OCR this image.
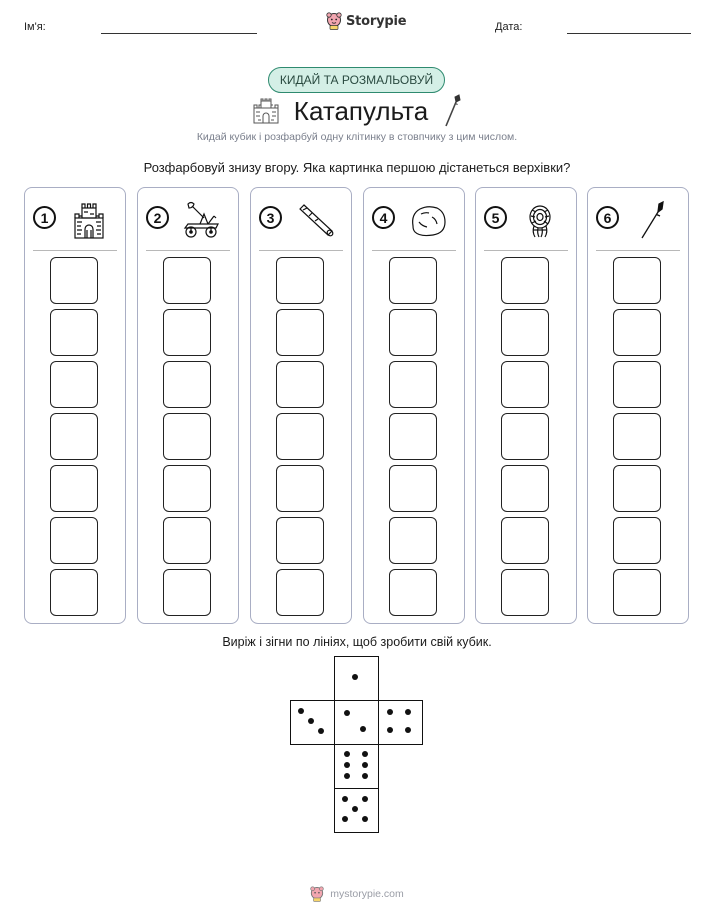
Ім'я:	Storypie	Дата:
КИДАЙ ТА РОЗМАЛЬОВУЙ
Катапульта
Кидай кубик і розфарбуй одну клітинку в стовпчику з цим числом.
Розфарбовуй знизу вгору. Яка картинка першою дістанеться верхівки?
1	2	3	4	5	6
Виріж і зігни по лініях, щоб зробити свій кубик.
mystorypie.com
